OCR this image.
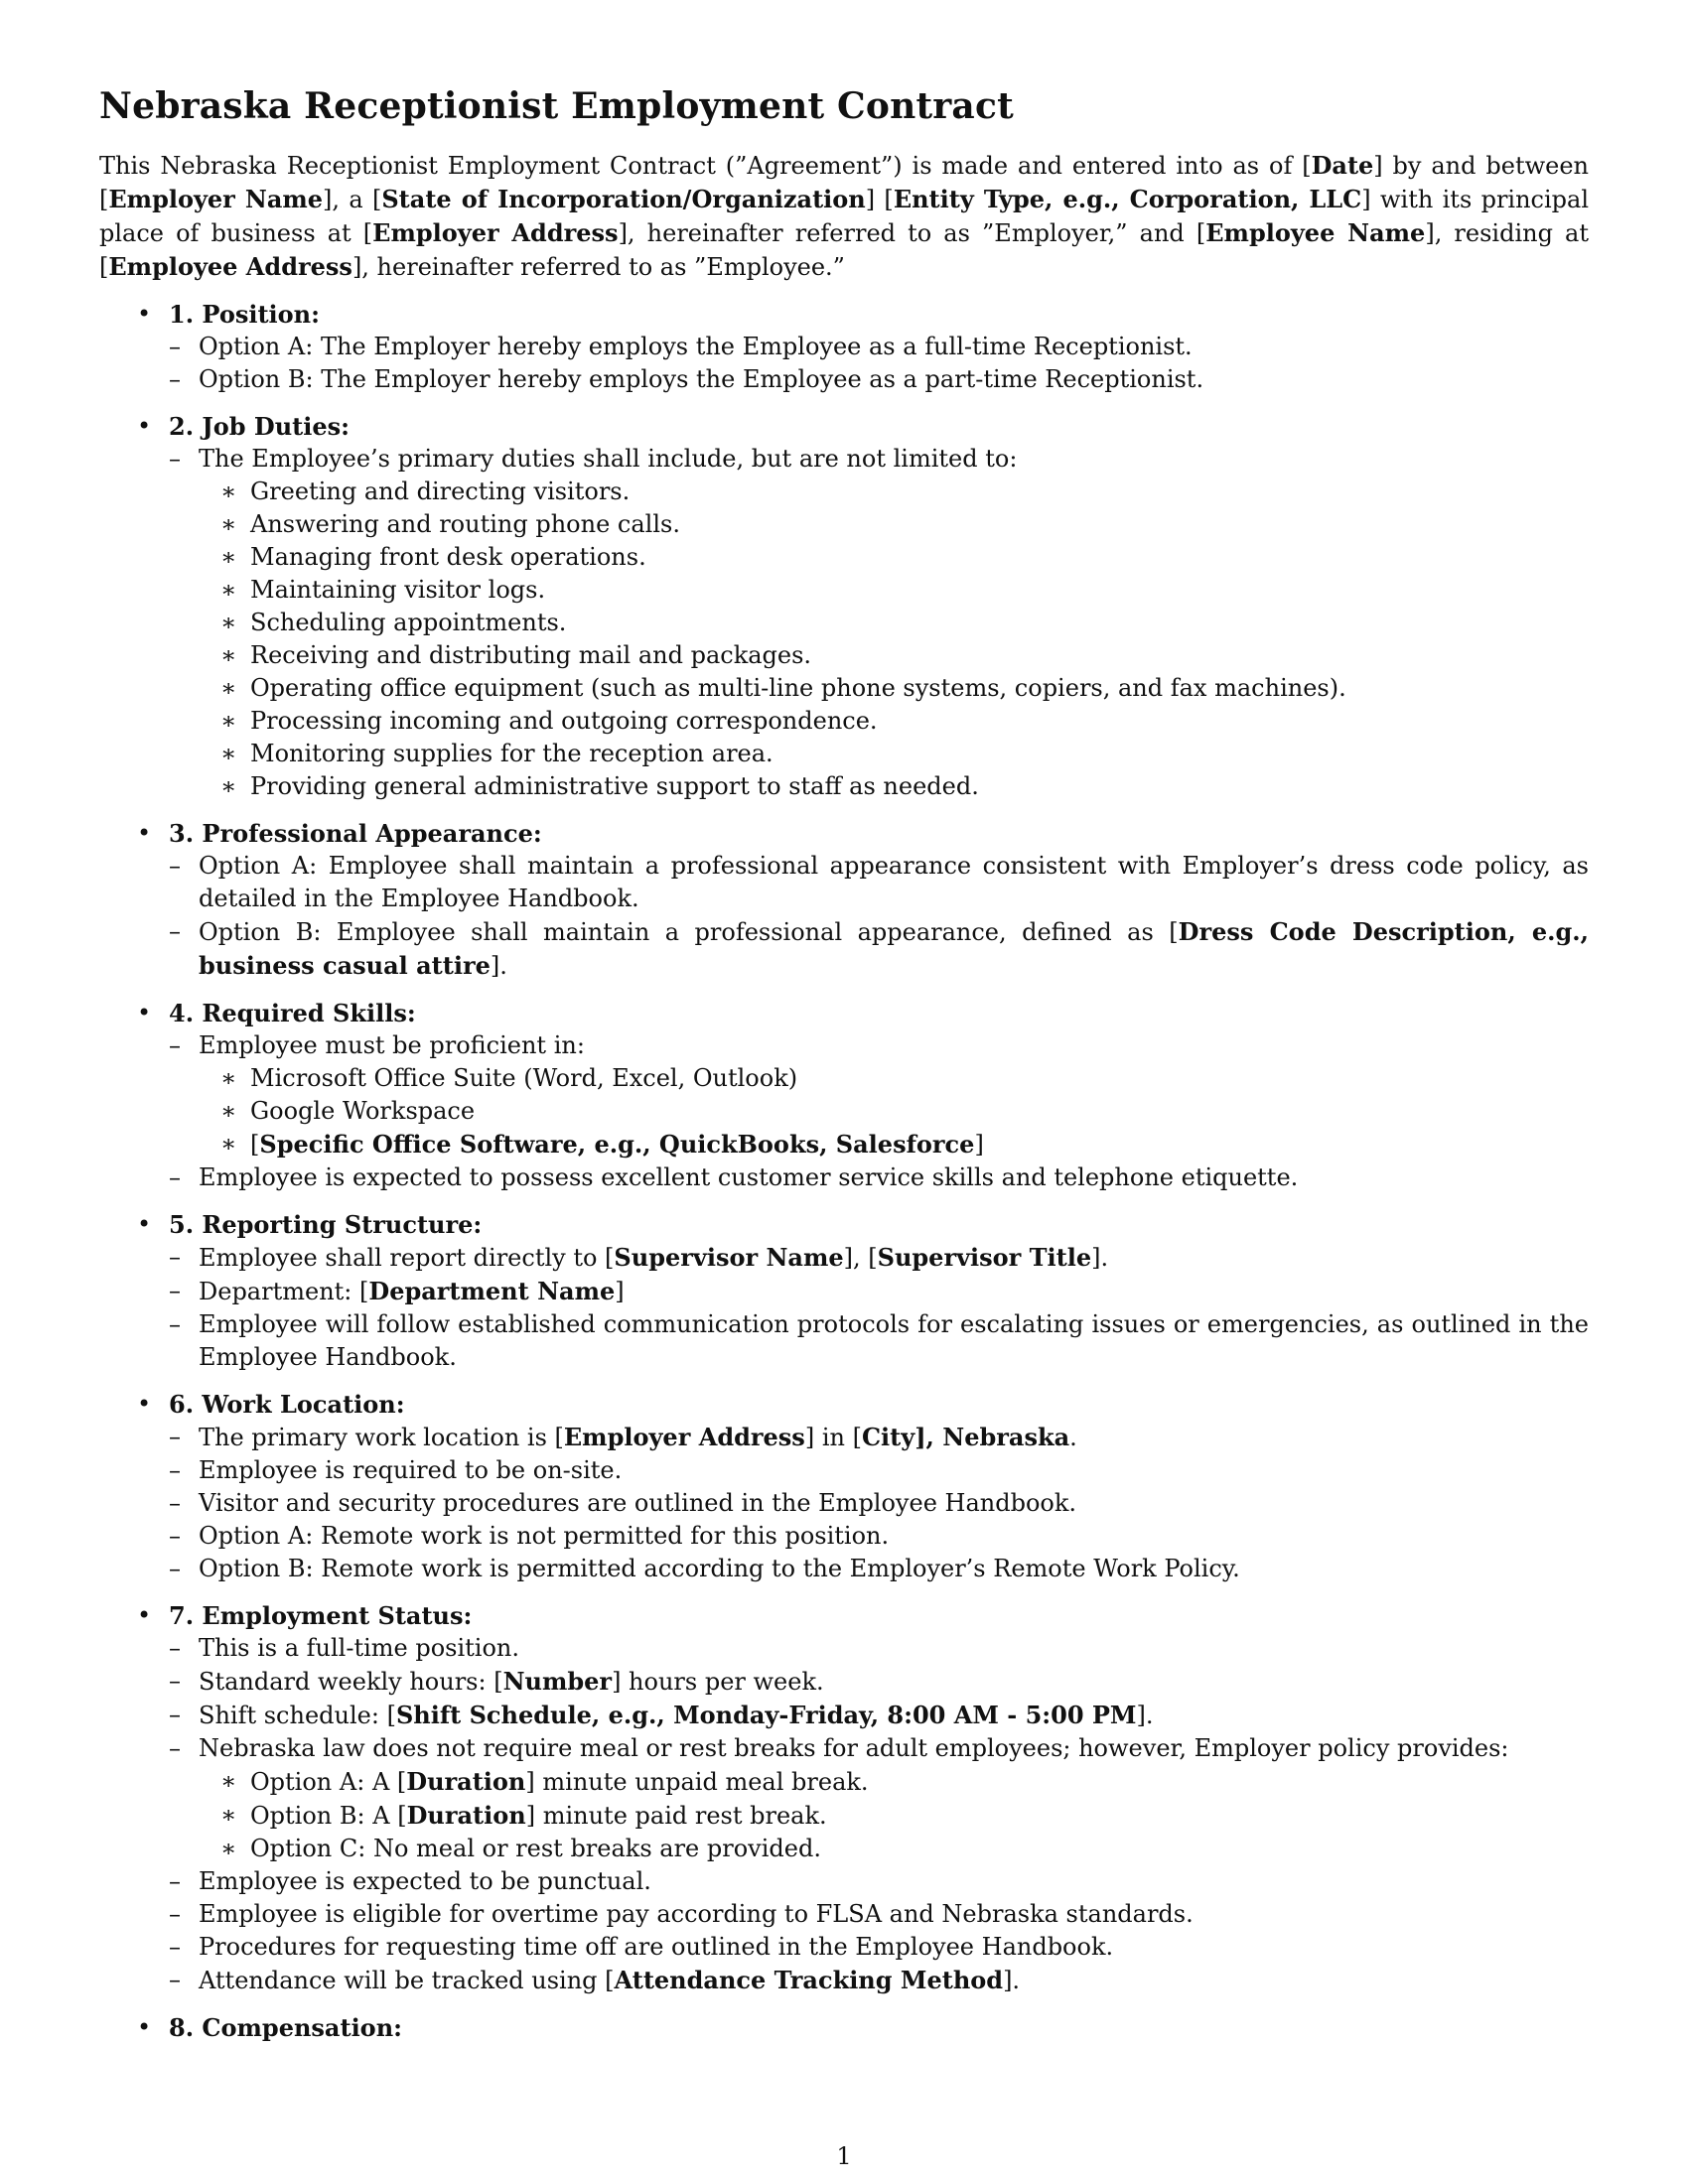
Nebraska Receptionist Employment Contract

This Nebraska Receptionist Employment Contract (”Agreement”) is made and entered into as of [Date] by and between [Employer Name], a [State of Incorporation/Organization] [Entity Type, e.g., Corporation, LLC] with its principal place of business at [Employer Address], hereinafter referred to as ”Employer,” and [Employee Name], residing at [Employee Address], hereinafter referred to as ”Employee.”

• 1. Position:
– Option A: The Employer hereby employs the Employee as a full-time Receptionist.
– Option B: The Employer hereby employs the Employee as a part-time Receptionist.
• 2. Job Duties:
– The Employee’s primary duties shall include, but are not limited to:
∗ Greeting and directing visitors.
∗ Answering and routing phone calls.
∗ Managing front desk operations.
∗ Maintaining visitor logs.
∗ Scheduling appointments.
∗ Receiving and distributing mail and packages.
∗ Operating office equipment (such as multi-line phone systems, copiers, and fax machines).
∗ Processing incoming and outgoing correspondence.
∗ Monitoring supplies for the reception area.
∗ Providing general administrative support to staff as needed.
• 3. Professional Appearance:
– Option A: Employee shall maintain a professional appearance consistent with Employer’s dress code policy, as detailed in the Employee Handbook.
– Option B: Employee shall maintain a professional appearance, defined as [Dress Code Description, e.g., business casual attire].
• 4. Required Skills:
– Employee must be proficient in:
∗ Microsoft Office Suite (Word, Excel, Outlook)
∗ Google Workspace
∗ [Specific Office Software, e.g., QuickBooks, Salesforce]
– Employee is expected to possess excellent customer service skills and telephone etiquette.
• 5. Reporting Structure:
– Employee shall report directly to [Supervisor Name], [Supervisor Title].
– Department: [Department Name]
– Employee will follow established communication protocols for escalating issues or emergencies, as outlined in the Employee Handbook.
• 6. Work Location:
– The primary work location is [Employer Address] in [City], Nebraska.
– Employee is required to be on-site.
– Visitor and security procedures are outlined in the Employee Handbook.
– Option A: Remote work is not permitted for this position.
– Option B: Remote work is permitted according to the Employer’s Remote Work Policy.
• 7. Employment Status:
– This is a full-time position.
– Standard weekly hours: [Number] hours per week.
– Shift schedule: [Shift Schedule, e.g., Monday-Friday, 8:00 AM - 5:00 PM].
– Nebraska law does not require meal or rest breaks for adult employees; however, Employer policy provides:
∗ Option A: A [Duration] minute unpaid meal break.
∗ Option B: A [Duration] minute paid rest break.
∗ Option C: No meal or rest breaks are provided.
– Employee is expected to be punctual.
– Employee is eligible for overtime pay according to FLSA and Nebraska standards.
– Procedures for requesting time off are outlined in the Employee Handbook.
– Attendance will be tracked using [Attendance Tracking Method].
• 8. Compensation:
1
